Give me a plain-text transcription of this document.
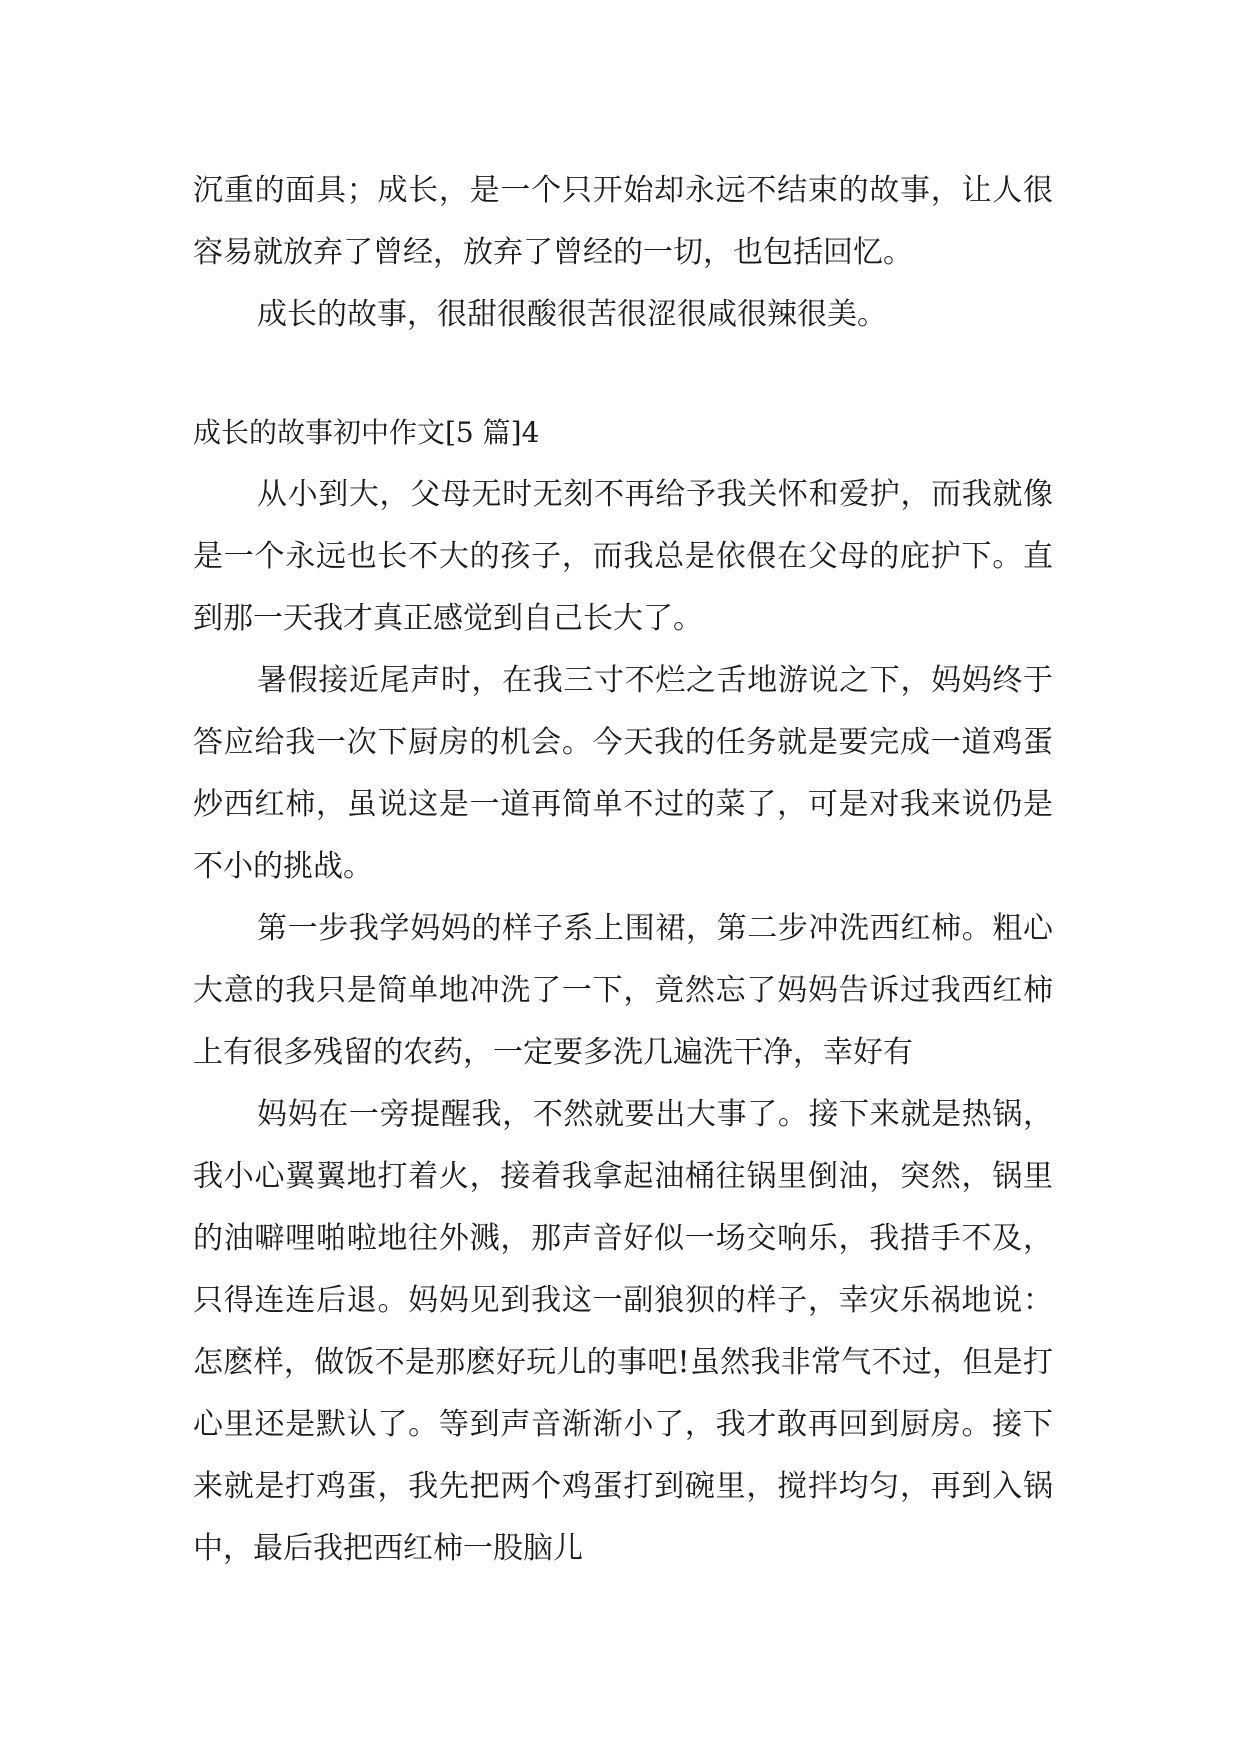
沉重的面具；成长，是一个只开始却永远不结束的故事，让人很容易就放弃了曾经，放弃了曾经的一切，也包括回忆。

成长的故事，很甜很酸很苦很涩很咸很辣很美。

成长的故事初中作文[5 篇]4

从小到大，父母无时无刻不再给予我关怀和爱护，而我就像是一个永远也长不大的孩子，而我总是依偎在父母的庇护下。直到那一天我才真正感觉到自己长大了。

暑假接近尾声时，在我三寸不烂之舌地游说之下，妈妈终于答应给我一次下厨房的机会。今天我的任务就是要完成一道鸡蛋炒西红柿，虽说这是一道再简单不过的菜了，可是对我来说仍是不小的挑战。

第一步我学妈妈的样子系上围裙，第二步冲洗西红柿。粗心大意的我只是简单地冲洗了一下，竟然忘了妈妈告诉过我西红柿上有很多残留的农药，一定要多洗几遍洗干净，幸好有

妈妈在一旁提醒我，不然就要出大事了。接下来就是热锅，我小心翼翼地打着火，接着我拿起油桶往锅里倒油，突然，锅里的油噼哩啪啦地往外溅，那声音好似一场交响乐，我措手不及，只得连连后退。妈妈见到我这一副狼狈的样子，幸灾乐祸地说：怎麽样，做饭不是那麽好玩儿的事吧!虽然我非常气不过，但是打心里还是默认了。等到声音渐渐小了，我才敢再回到厨房。接下来就是打鸡蛋，我先把两个鸡蛋打到碗里，搅拌均匀，再到入锅中，最后我把西红柿一股脑儿
